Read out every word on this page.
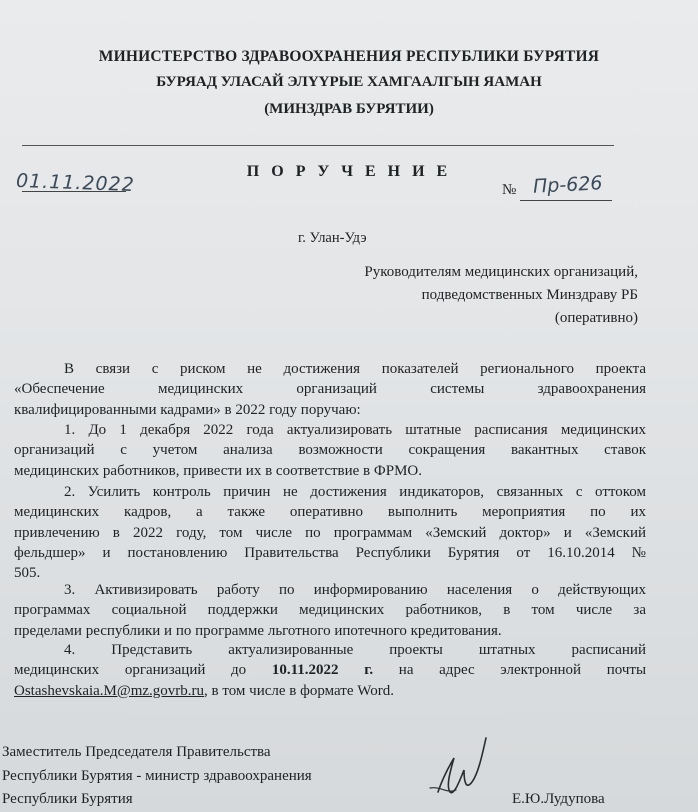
МИНИСТЕРСТВО ЗДРАВООХРАНЕНИЯ РЕСПУБЛИКИ БУРЯТИЯ
БУРЯАД УЛАСАЙ ЭЛҮҮРЫЕ ХАМГААЛГЫН ЯАМАН
(МИНЗДРАВ БУРЯТИИ)
П О Р У Ч Е Н И Е
01.11.2022	№ Пр-626
г. Улан-Удэ
Руководителям медицинских организаций,
подведомственных Минздраву РБ
(оперативно)
В связи с риском не достижения показателей регионального проекта
«Обеспечение медицинских организаций системы здравоохранения
квалифицированными кадрами» в 2022 году поручаю:
1. До 1 декабря 2022 года актуализировать штатные расписания медицинских
организаций с учетом анализа возможности сокращения вакантных ставок
медицинских работников, привести их в соответствие в ФРМО.
2. Усилить контроль причин не достижения индикаторов, связанных с оттоком
медицинских кадров, а также оперативно выполнить мероприятия по их
привлечению в 2022 году, том числе по программам «Земский доктор» и «Земский
фельдшер» и постановлению Правительства Республики Бурятия от 16.10.2014 №
505.
3. Активизировать работу по информированию населения о действующих
программах социальной поддержки медицинских работников, в том числе за
пределами республики и по программе льготного ипотечного кредитования.
4. Представить актуализированные проекты штатных расписаний
медицинских организаций до 10.11.2022 г. на адрес электронной почты
Ostashevskaia.M@mz.govrb.ru, в том числе в формате Word.
Заместитель Председателя Правительства
Республики Бурятия - министр здравоохранения
Республики Бурятия	Е.Ю.Лудупова
